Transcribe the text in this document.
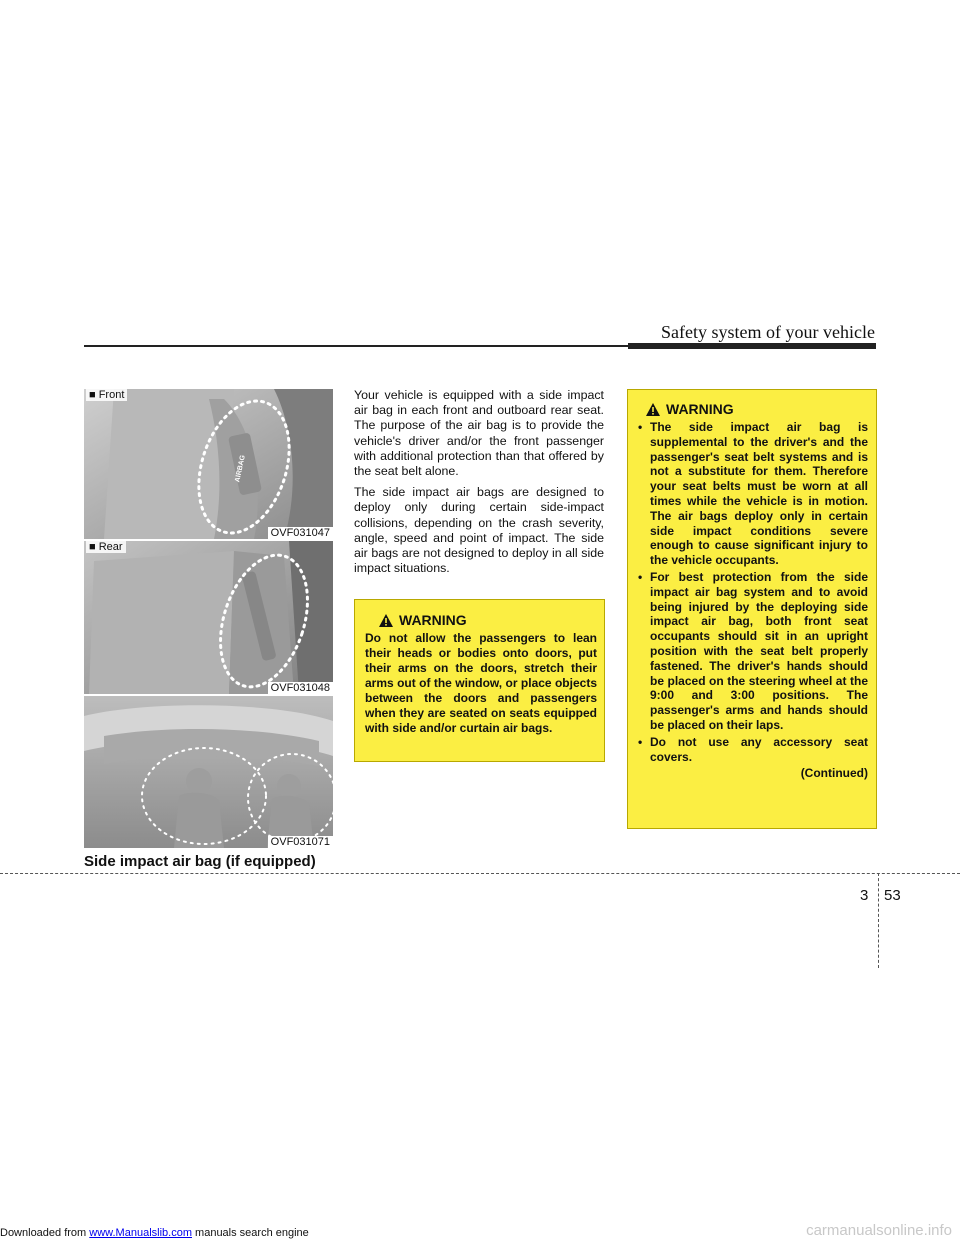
Safety system of your vehicle
AIRBAG
■ Front
OVF031047
■ Rear
OVF031048
OVF031071
Side impact air bag (if equipped)

Your vehicle is equipped with a side impact air bag in each front and outboard rear seat. The purpose of the air bag is to provide the vehicle's driver and/or the front passenger with additional protection than that offered by the seat belt alone.

The side impact air bags are designed to deploy only during certain side-impact collisions, depending on the crash severity, angle, speed and point of impact. The side air bags are not designed to deploy in all side impact situations.

WARNING
Do not allow the passengers to lean their heads or bodies onto doors, put their arms on the doors, stretch their arms out of the window, or place objects between the doors and passengers when they are seated on seats equipped with side and/or curtain air bags.
WARNING
• The side impact air bag is supplemental to the driver's and the passenger's seat belt systems and is not a substitute for them. Therefore your seat belts must be worn at all times while the vehicle is in motion. The air bags deploy only in certain side impact conditions severe enough to cause significant injury to the vehicle occupants.
• For best protection from the side impact air bag system and to avoid being injured by the deploying side impact air bag, both front seat occupants should sit in an upright position with the seat belt properly fastened. The driver's hands should be placed on the steering wheel at the 9:00 and 3:00 positions. The passenger's arms and hands should be placed on their laps.
• Do not use any accessory seat covers.
(Continued)
3 53
Downloaded from www.Manualslib.com manuals search engine	carmanualsonline.info
